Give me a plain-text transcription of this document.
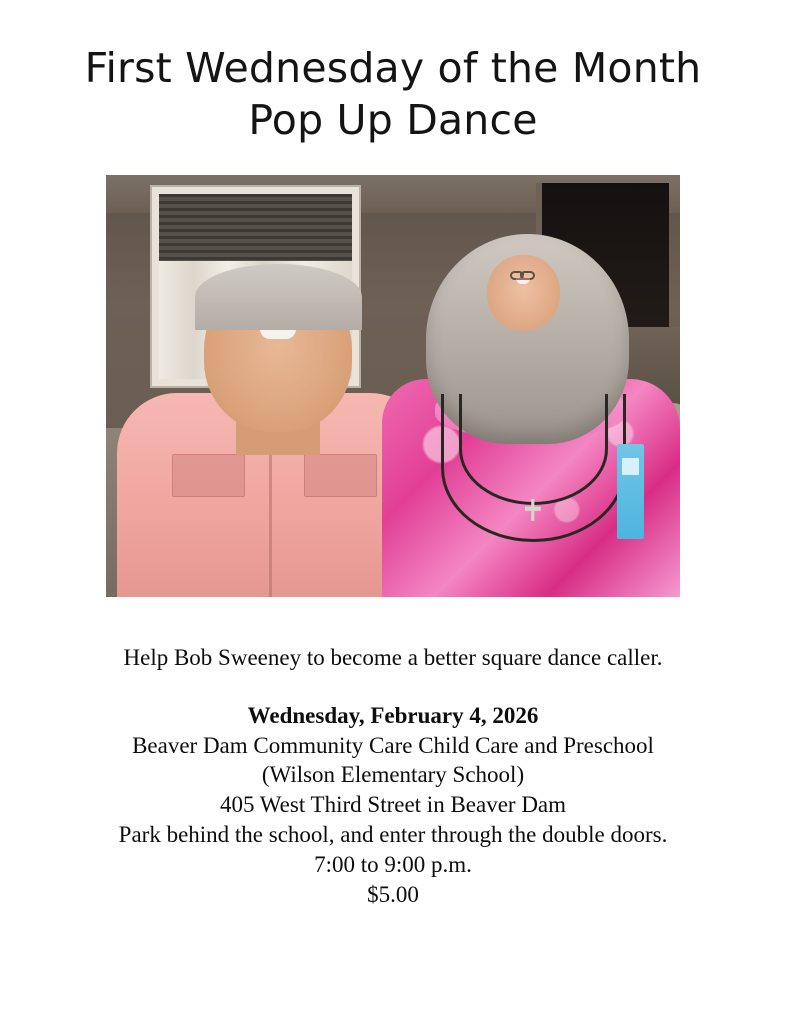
First Wednesday of the Month
Pop Up Dance
Help Bob Sweeney to become a better square dance caller.
Wednesday, February 4, 2026
Beaver Dam Community Care Child Care and Preschool
(Wilson Elementary School)
405 West Third Street in Beaver Dam
Park behind the school, and enter through the double doors.
7:00 to 9:00 p.m.
$5.00
